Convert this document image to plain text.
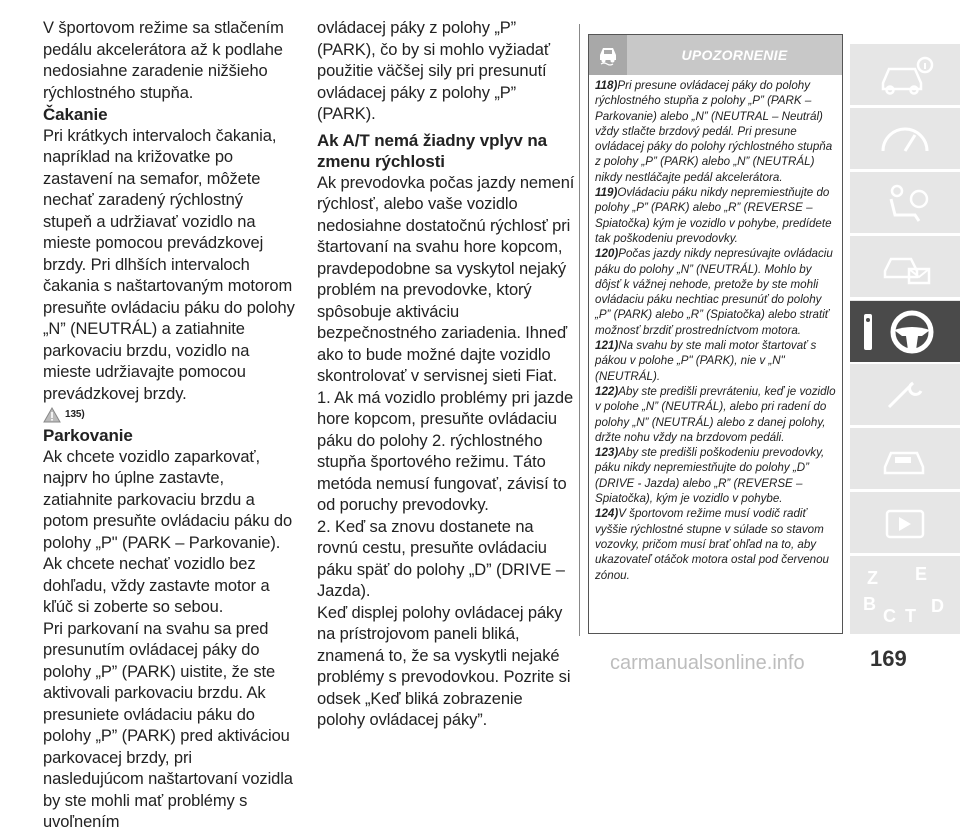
V športovom režime sa stlačením pedálu akcelerátora až k podlahe nedosiahne zaradenie nižšieho rýchlostného stupňa.

Čakanie

Pri krátkych intervaloch čakania, napríklad na križovatke po zastavení na semafor, môžete nechať zaradený rýchlostný stupeň a udržiavať vozidlo na mieste pomocou prevádzkovej brzdy. Pri dlhších intervaloch čakania s naštartovaným motorom presuňte ovládaciu páku do polohy „N” (NEUTRÁL) a zatiahnite parkovaciu brzdu, vozidlo na mieste udržiavajte pomocou prevádzkovej brzdy.

135)

Parkovanie

Ak chcete vozidlo zaparkovať, najprv ho úplne zastavte, zatiahnite parkovaciu brzdu a potom presuňte ovládaciu páku do polohy „P" (PARK – Parkovanie).

Ak chcete nechať vozidlo bez dohľadu, vždy zastavte motor a kľúč si zoberte so sebou.

Pri parkovaní na svahu sa pred presunutím ovládacej páky do polohy „P” (PARK) uistite, že ste aktivovali parkovaciu brzdu. Ak presuniete ovládaciu páku do polohy „P” (PARK) pred aktiváciou parkovacej brzdy, pri nasledujúcom naštartovaní vozidla by ste mohli mať problémy s uvoľnením

ovládacej páky z polohy „P” (PARK), čo by si mohlo vyžiadať použitie väčšej sily pri presunutí ovládacej páky z polohy „P” (PARK).

Ak A/T nemá žiadny vplyv na zmenu rýchlosti

Ak prevodovka počas jazdy nemení rýchlosť, alebo vaše vozidlo nedosiahne dostatočnú rýchlosť pri štartovaní na svahu hore kopcom, pravdepodobne sa vyskytol nejaký problém na prevodovke, ktorý spôsobuje aktiváciu bezpečnostného zariadenia. Ihneď ako to bude možné dajte vozidlo skontrolovať v servisnej sieti Fiat.

1. Ak má vozidlo problémy pri jazde hore kopcom, presuňte ovládaciu páku do polohy 2. rýchlostného stupňa športového režimu. Táto metóda nemusí fungovať, závisí to od poruchy prevodovky.

2. Keď sa znovu dostanete na rovnú cestu, presuňte ovládaciu páku späť do polohy „D” (DRIVE – Jazda).

Keď displej polohy ovládacej páky na prístrojovom paneli bliká, znamená to, že sa vyskytli nejaké problémy s prevodovkou. Pozrite si odsek „Keď bliká zobrazenie polohy ovládacej páky”.

UPOZORNENIE

118)Pri presune ovládacej páky do polohy rýchlostného stupňa z polohy „P” (PARK – Parkovanie) alebo „N” (NEUTRAL – Neutrál) vždy stlačte brzdový pedál. Pri presune ovládacej páky do polohy rýchlostného stupňa z polohy „P” (PARK) alebo „N” (NEUTRÁL) nikdy nestláčajte pedál akcelerátora.

119)Ovládaciu páku nikdy nepremiestňujte do polohy „P” (PARK) alebo „R” (REVERSE – Spiatočka) kým je vozidlo v pohybe, predídete tak poškodeniu prevodovky.

120)Počas jazdy nikdy nepresúvajte ovládaciu páku do polohy „N” (NEUTRÁL). Mohlo by dôjsť k vážnej nehode, pretože by ste mohli ovládaciu páku nechtiac presunúť do polohy „P” (PARK) alebo „R” (Spiatočka) alebo stratiť možnosť brzdiť prostredníctvom motora.

121)Na svahu by ste mali motor štartovať s pákou v polohe „P" (PARK), nie v „N" (NEUTRÁL).

122)Aby ste predišli prevráteniu, keď je vozidlo v polohe „N” (NEUTRÁL), alebo pri radení do polohy „N” (NEUTRÁL) alebo z danej polohy, držte nohu vždy na brzdovom pedáli.

123)Aby ste predišli poškodeniu prevodovky, páku nikdy nepremiestňujte do polohy „D” (DRIVE - Jazda) alebo „R” (REVERSE – Spiatočka), kým je vozidlo v pohybe.

124)V športovom režime musí vodič radiť vyššie rýchlostné stupne v súlade so stavom vozovky, pričom musí brať ohľad na to, aby ukazovateľ otáčok motora ostal pod červenou zónou.	Z E
B
C T D
carmanualsonline.info	169
